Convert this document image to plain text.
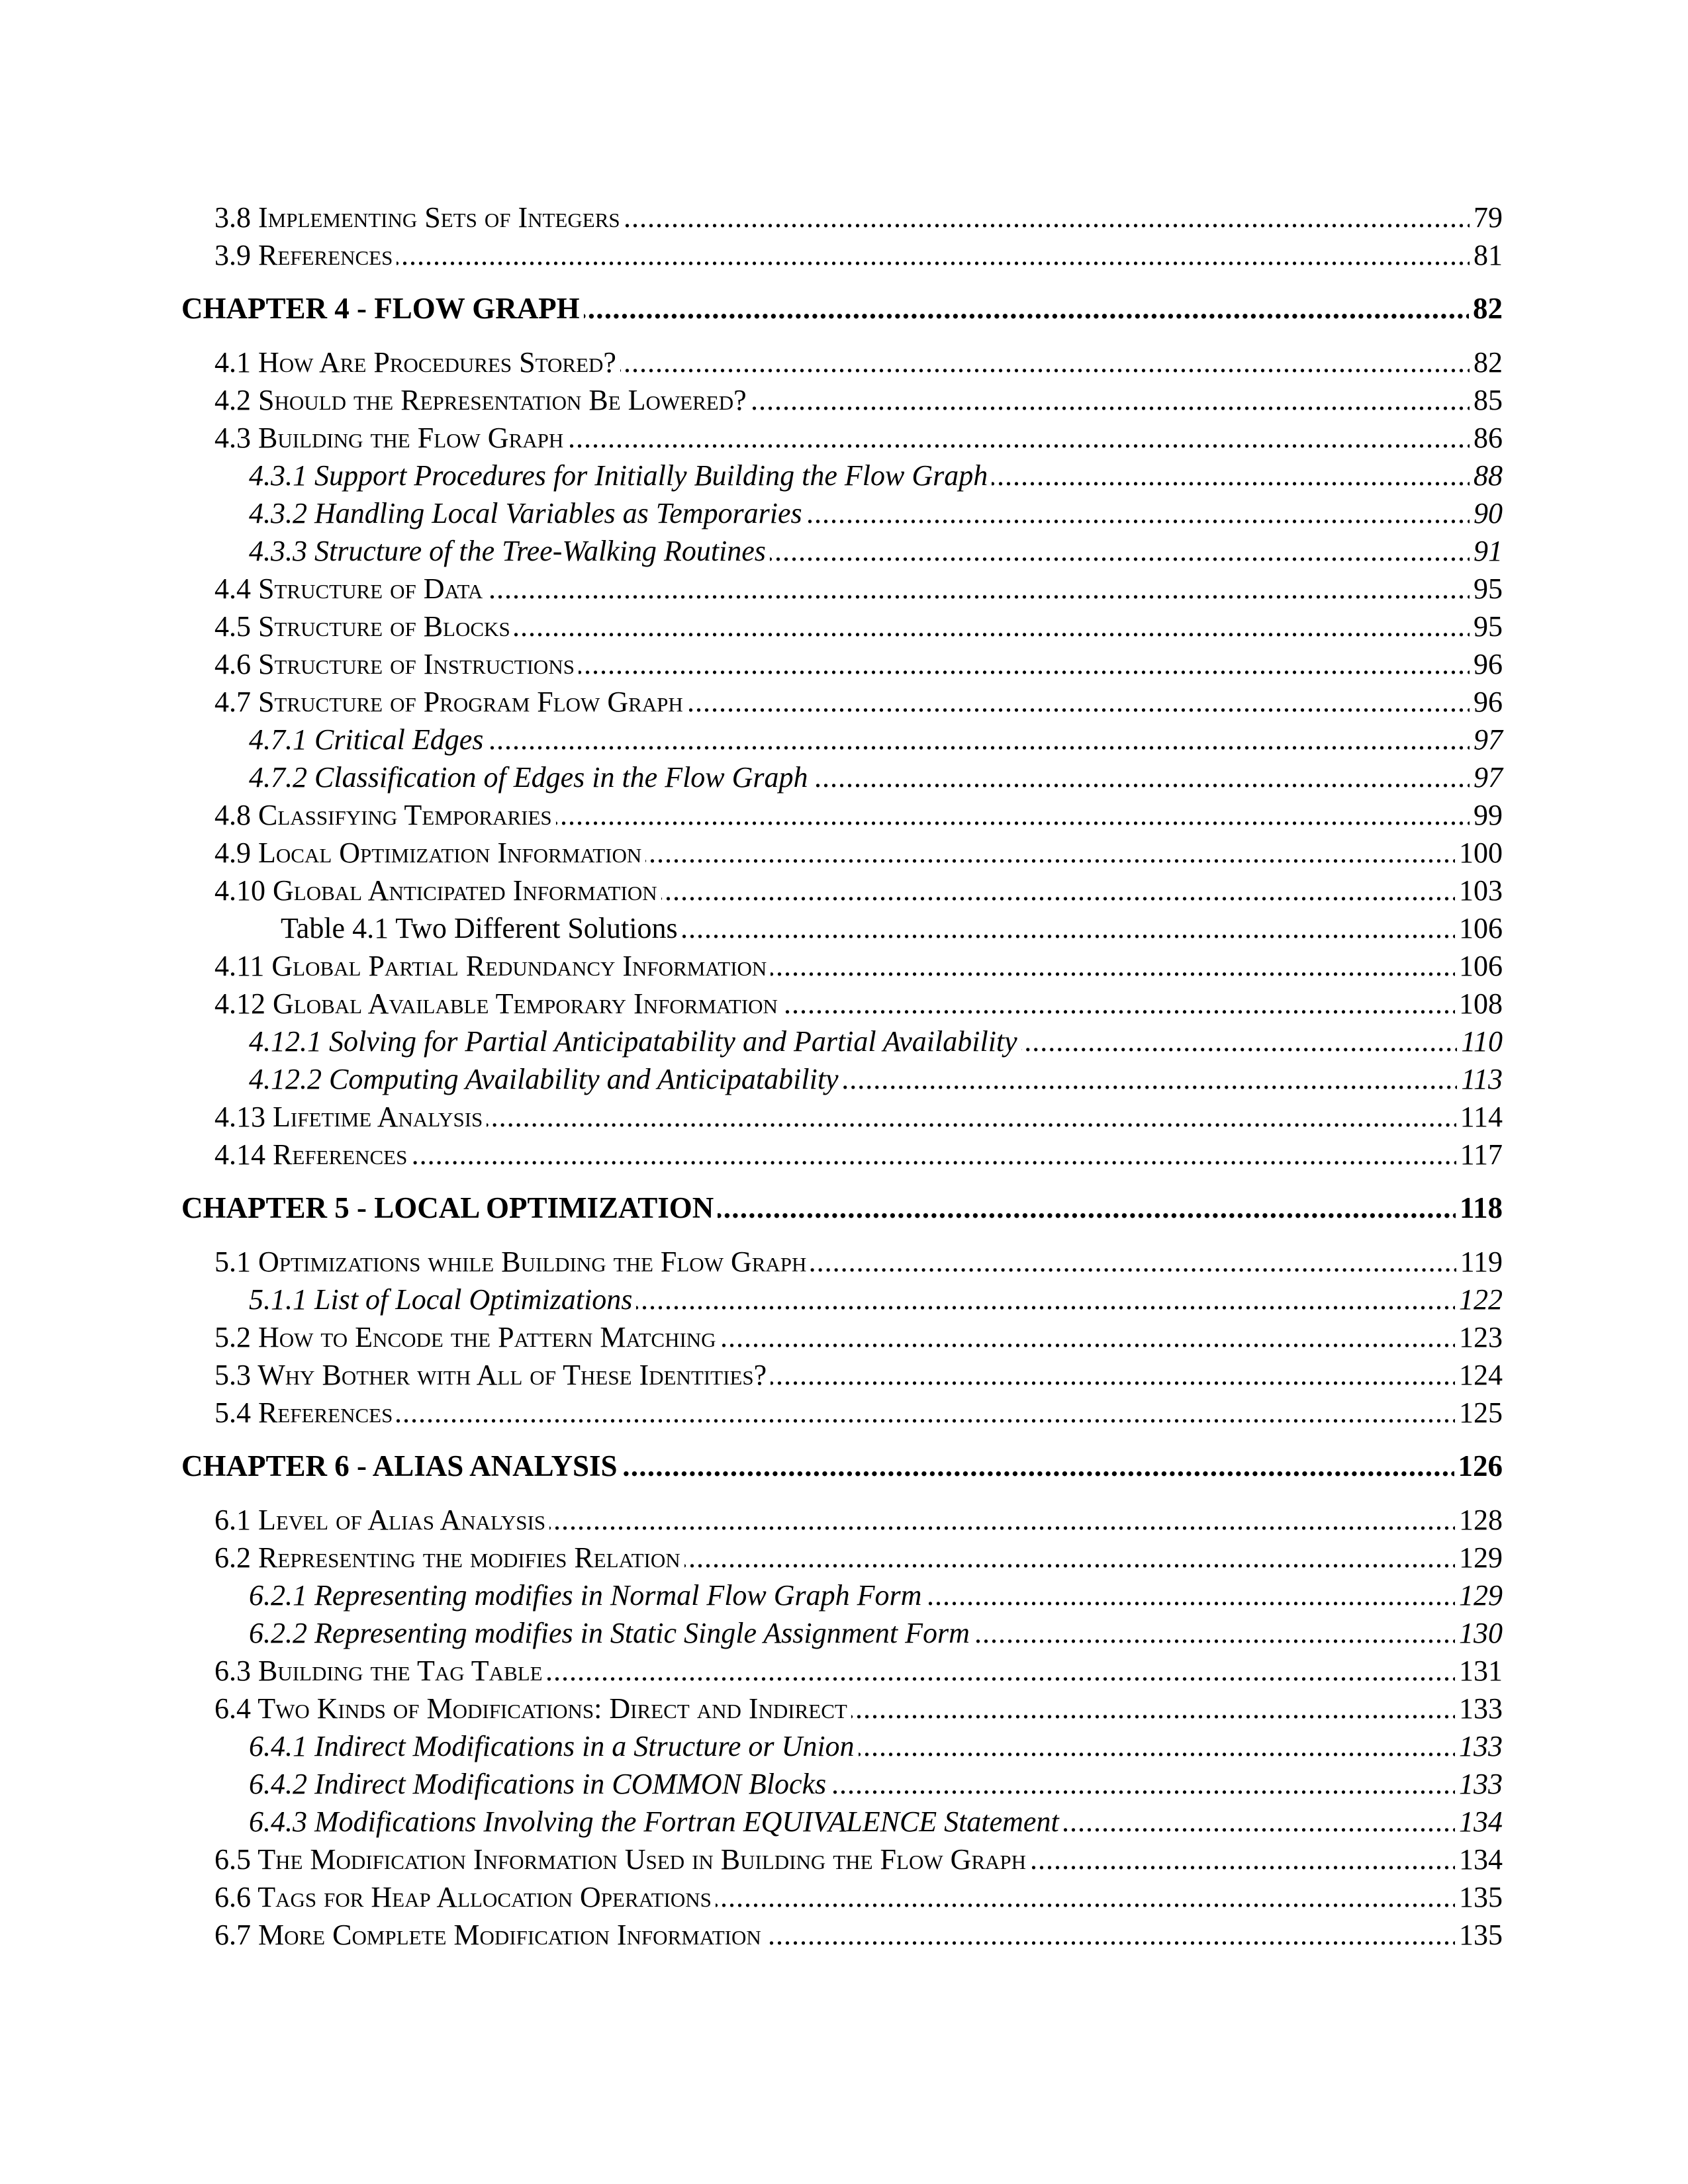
3.8 Implementing Sets of Integers . . .	79
3.9 References . . .	81
CHAPTER 4 - FLOW GRAPH . . .	82
4.1 How Are Procedures Stored? . . .	82
4.2 Should the Representation Be Lowered? . . .	85
4.3 Building the Flow Graph . . .	86
4.3.1 Support Procedures for Initially Building the Flow Graph . . .	88
4.3.2 Handling Local Variables as Temporaries . . .	90
4.3.3 Structure of the Tree-Walking Routines . . .	91
4.4 Structure of Data . . .	95
4.5 Structure of Blocks . . .	95
4.6 Structure of Instructions . . .	96
4.7 Structure of Program Flow Graph . . .	96
4.7.1 Critical Edges . . .	97
4.7.2 Classification of Edges in the Flow Graph . . .	97
4.8 Classifying Temporaries . . .	99
4.9 Local Optimization Information . . .	100
4.10 Global Anticipated Information . . .	103
Table 4.1 Two Different Solutions . . .	106
4.11 Global Partial Redundancy Information . . .	106
4.12 Global Available Temporary Information . . .	108
4.12.1 Solving for Partial Anticipatability and Partial Availability . . .	110
4.12.2 Computing Availability and Anticipatability . . .	113
4.13 Lifetime Analysis . . .	114
4.14 References . . .	117
CHAPTER 5 - LOCAL OPTIMIZATION . . .	118
5.1 Optimizations while Building the Flow Graph . . .	119
5.1.1 List of Local Optimizations . . .	122
5.2 How to Encode the Pattern Matching . . .	123
5.3 Why Bother with All of These Identities? . . .	124
5.4 References . . .	125
CHAPTER 6 - ALIAS ANALYSIS . . .	126
6.1 Level of Alias Analysis . . .	128
6.2 Representing the modifies Relation . . .	129
6.2.1 Representing modifies in Normal Flow Graph Form . . .	129
6.2.2 Representing modifies in Static Single Assignment Form . . .	130
6.3 Building the Tag Table . . .	131
6.4 Two Kinds of Modifications: Direct and Indirect . . .	133
6.4.1 Indirect Modifications in a Structure or Union . . .	133
6.4.2 Indirect Modifications in COMMON Blocks . . .	133
6.4.3 Modifications Involving the Fortran EQUIVALENCE Statement . . .	134
6.5 The Modification Information Used in Building the Flow Graph . . .	134
6.6 Tags for Heap Allocation Operations . . .	135
6.7 More Complete Modification Information . . .	135
